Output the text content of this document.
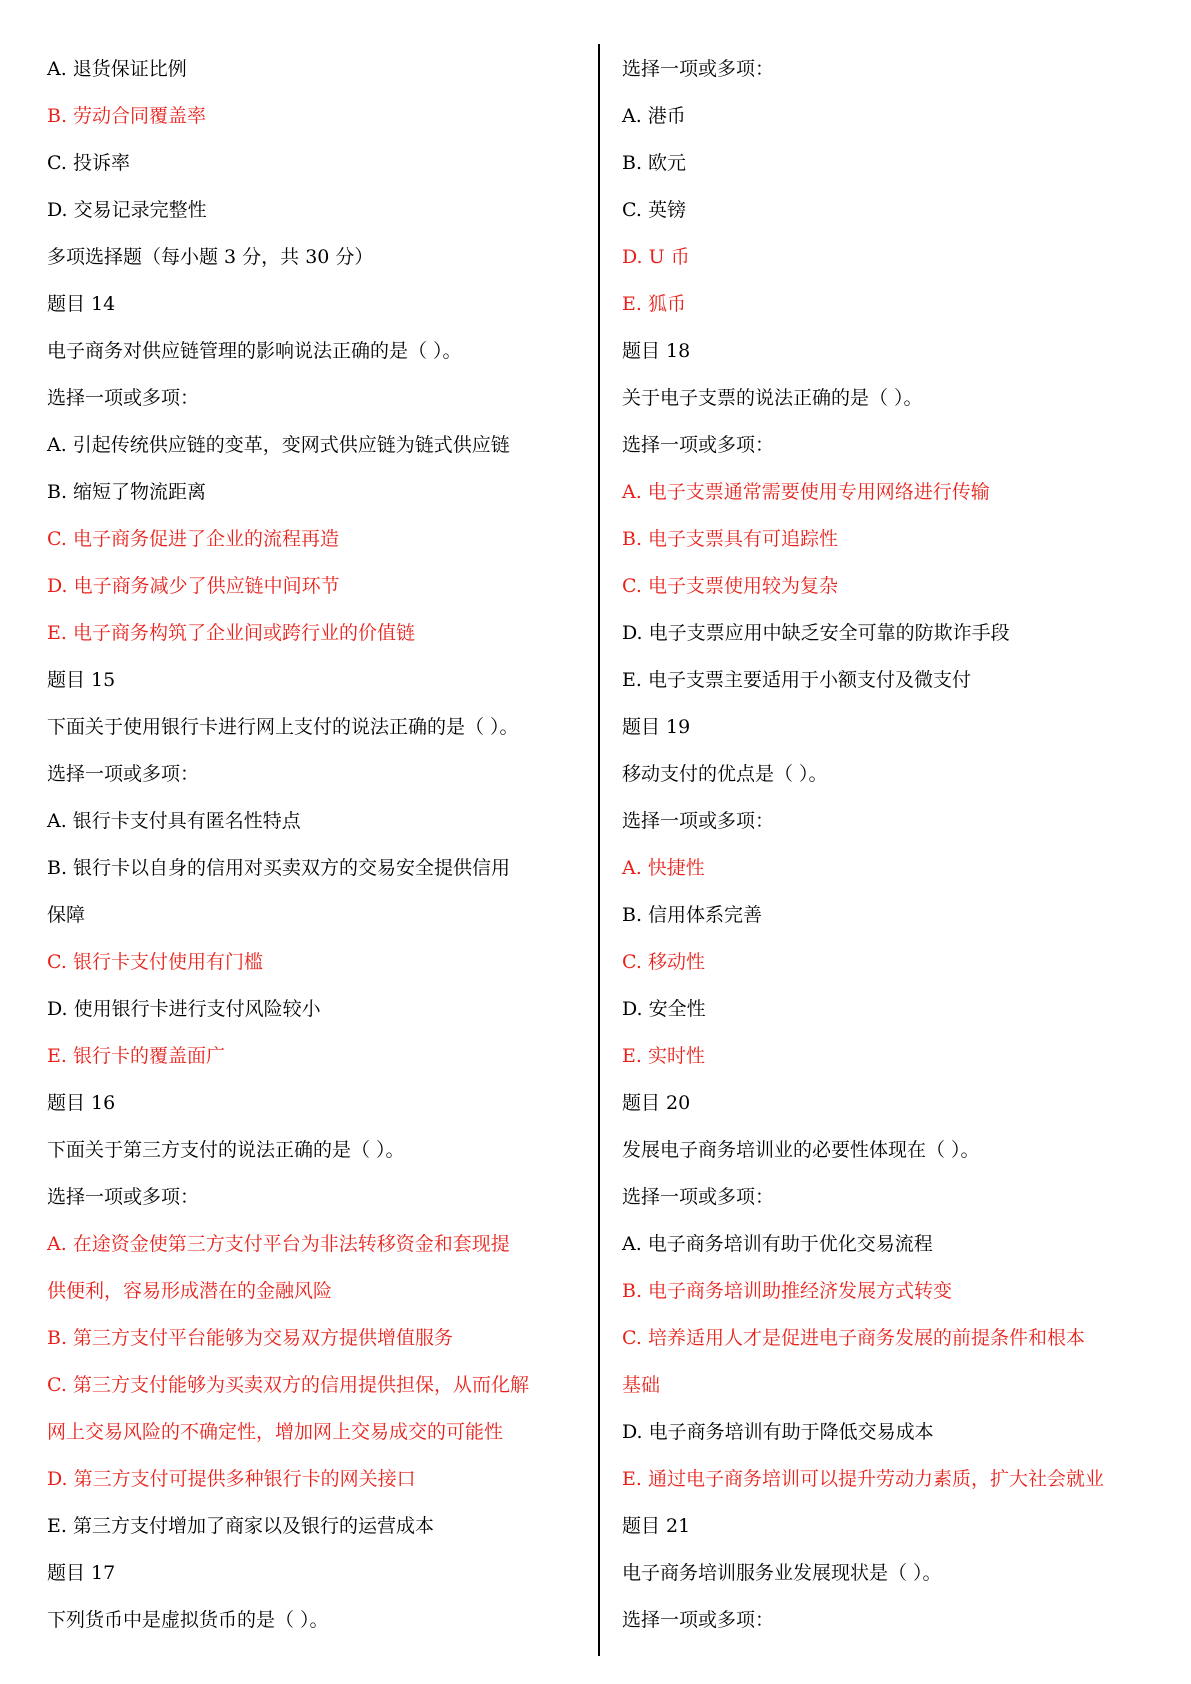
A. 退货保证比例
B. 劳动合同覆盖率
C. 投诉率
D. 交易记录完整性
多项选择题（每小题 3 分，共 30 分）
题目 14
电子商务对供应链管理的影响说法正确的是（ ）。
选择一项或多项：
A. 引起传统供应链的变革，变网式供应链为链式供应链
B. 缩短了物流距离
C. 电子商务促进了企业的流程再造
D. 电子商务减少了供应链中间环节
E. 电子商务构筑了企业间或跨行业的价值链
题目 15
下面关于使用银行卡进行网上支付的说法正确的是（ ）。
选择一项或多项：
A. 银行卡支付具有匿名性特点
B. 银行卡以自身的信用对买卖双方的交易安全提供信用
保障
C. 银行卡支付使用有门槛
D. 使用银行卡进行支付风险较小
E. 银行卡的覆盖面广
题目 16
下面关于第三方支付的说法正确的是（ ）。
选择一项或多项：
A. 在途资金使第三方支付平台为非法转移资金和套现提
供便利，容易形成潜在的金融风险
B. 第三方支付平台能够为交易双方提供增值服务
C. 第三方支付能够为买卖双方的信用提供担保，从而化解
网上交易风险的不确定性，增加网上交易成交的可能性
D. 第三方支付可提供多种银行卡的网关接口
E. 第三方支付增加了商家以及银行的运营成本
题目 17
下列货币中是虚拟货币的是（ ）。
选择一项或多项：
A. 港币
B. 欧元
C. 英镑
D. U 币
E. 狐币
题目 18
关于电子支票的说法正确的是（ ）。
选择一项或多项：
A. 电子支票通常需要使用专用网络进行传输
B. 电子支票具有可追踪性
C. 电子支票使用较为复杂
D. 电子支票应用中缺乏安全可靠的防欺诈手段
E. 电子支票主要适用于小额支付及微支付
题目 19
移动支付的优点是（ ）。
选择一项或多项：
A. 快捷性
B. 信用体系完善
C. 移动性
D. 安全性
E. 实时性
题目 20
发展电子商务培训业的必要性体现在（ ）。
选择一项或多项：
A. 电子商务培训有助于优化交易流程
B. 电子商务培训助推经济发展方式转变
C. 培养适用人才是促进电子商务发展的前提条件和根本
基础
D. 电子商务培训有助于降低交易成本
E. 通过电子商务培训可以提升劳动力素质，扩大社会就业
题目 21
电子商务培训服务业发展现状是（ ）。
选择一项或多项：
